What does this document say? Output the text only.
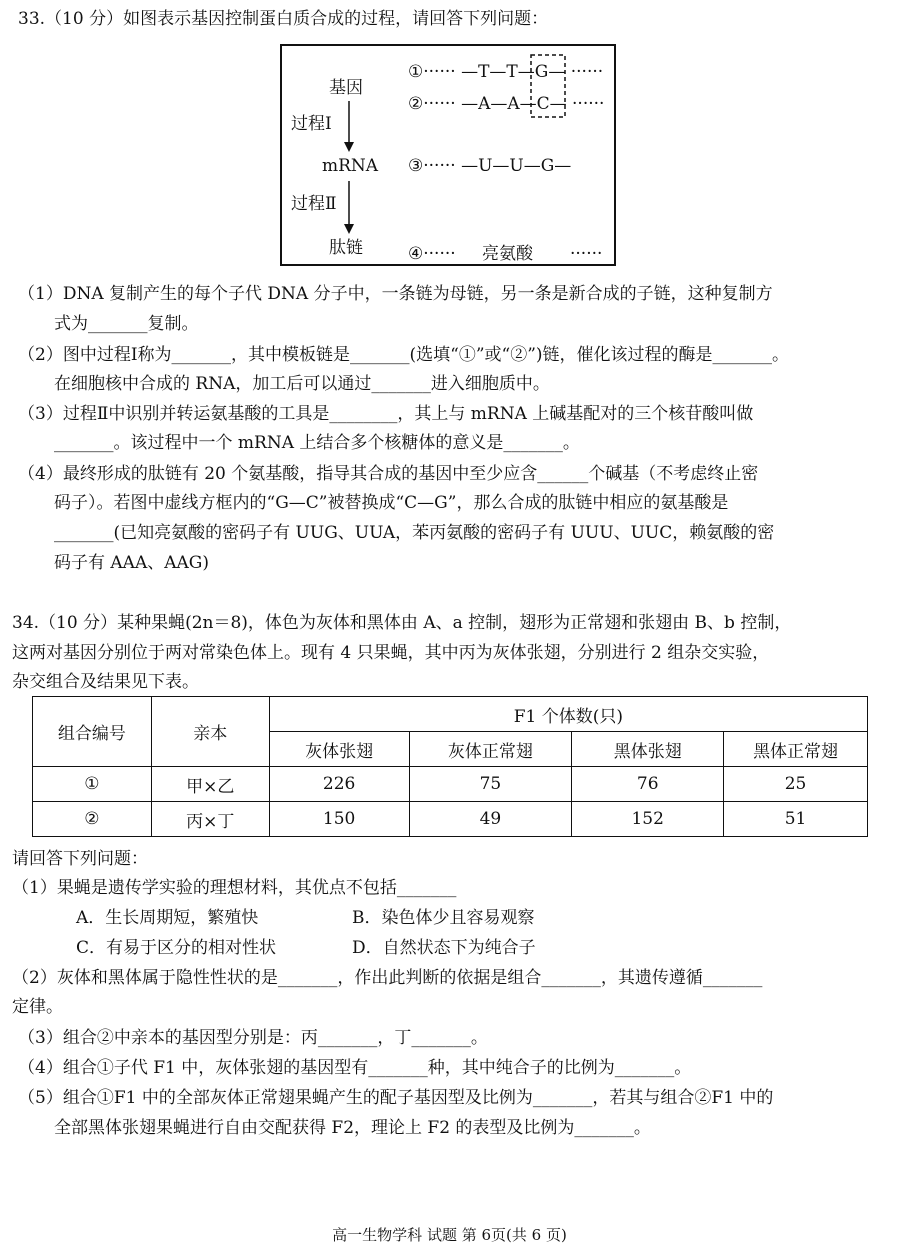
33.（10 分）如图表示基因控制蛋白质合成的过程，请回答下列问题：
基因
过程Ⅰ
mRNA
过程Ⅱ
肽链
①······ —T—T—G— ······
②······ —A—A—C— ······
③······ —U—U—G—
④······ 亮氨酸 ······
（1）DNA 复制产生的每个子代 DNA 分子中，一条链为母链，另一条是新合成的子链，这种复制方
式为_______复制。
（2）图中过程Ⅰ称为_______，其中模板链是_______(选填“①”或“②”)链，催化该过程的酶是_______。
在细胞核中合成的 RNA，加工后可以通过_______进入细胞质中。
（3）过程Ⅱ中识别并转运氨基酸的工具是________，其上与 mRNA 上碱基配对的三个核苷酸叫做
_______。该过程中一个 mRNA 上结合多个核糖体的意义是_______。
（4）最终形成的肽链有 20 个氨基酸，指导其合成的基因中至少应含______个碱基（不考虑终止密
码子）。若图中虚线方框内的“G—C”被替换成“C—G”，那么合成的肽链中相应的氨基酸是
_______(已知亮氨酸的密码子有 UUG、UUA，苯丙氨酸的密码子有 UUU、UUC，赖氨酸的密
码子有 AAA、AAG)
34.（10 分）某种果蝇(2n＝8)，体色为灰体和黑体由 A、a 控制，翅形为正常翅和张翅由 B、b 控制，
这两对基因分别位于两对常染色体上。现有 4 只果蝇，其中丙为灰体张翅，分别进行 2 组杂交实验，
杂交组合及结果见下表。
组合编号	亲本	F1 个体数(只)			
		灰体张翅	灰体正常翅	黑体张翅	黑体正常翅
①	甲×乙	226	75	76	25
②	丙×丁	150	49	152	51
请回答下列问题：
（1）果蝇是遗传学实验的理想材料，其优点不包括_______
A．生长周期短，繁殖快	B．染色体少且容易观察
C．有易于区分的相对性状	D．自然状态下为纯合子
（2）灰体和黑体属于隐性性状的是_______，作出此判断的依据是组合_______，其遗传遵循_______
定律。
（3）组合②中亲本的基因型分别是：丙_______，丁_______。
（4）组合①子代 F1 中，灰体张翅的基因型有_______种，其中纯合子的比例为_______。
（5）组合①F1 中的全部灰体正常翅果蝇产生的配子基因型及比例为_______，若其与组合②F1 中的
全部黑体张翅果蝇进行自由交配获得 F2，理论上 F2 的表型及比例为_______。
高一生物学科 试题 第 6页(共 6 页)
